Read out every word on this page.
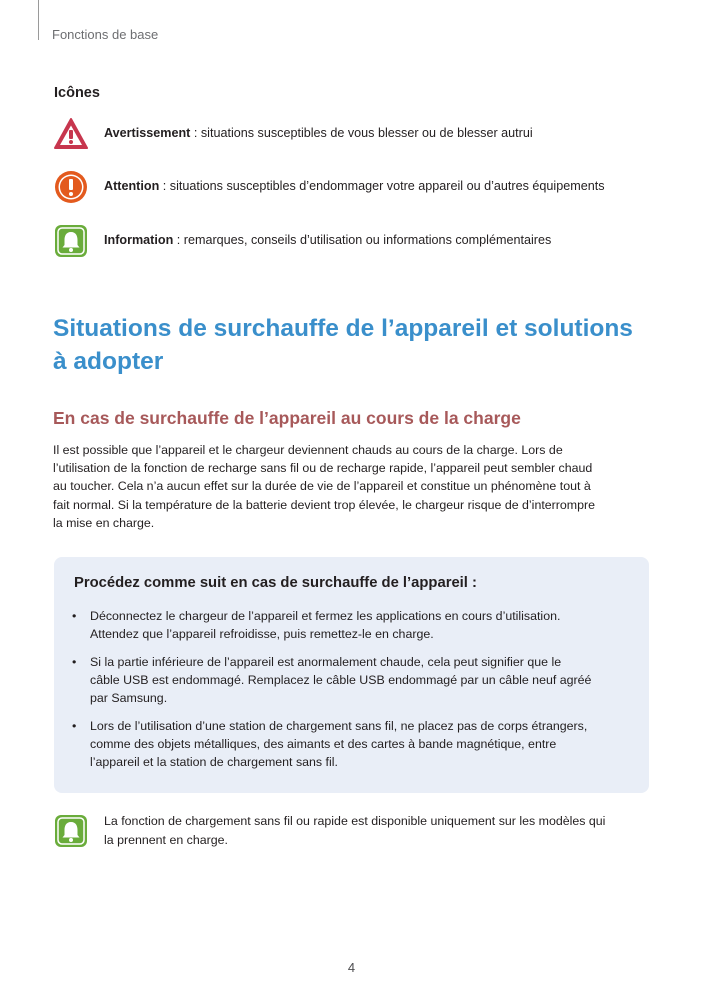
Fonctions de base
Icônes
Avertissement : situations susceptibles de vous blesser ou de blesser autrui
Attention : situations susceptibles d’endommager votre appareil ou d’autres équipements
Information : remarques, conseils d’utilisation ou informations complémentaires
Situations de surchauffe de l’appareil et solutions
à adopter
En cas de surchauffe de l’appareil au cours de la charge
Il est possible que l’appareil et le chargeur deviennent chauds au cours de la charge. Lors de
l’utilisation de la fonction de recharge sans fil ou de recharge rapide, l’appareil peut sembler chaud
au toucher. Cela n’a aucun effet sur la durée de vie de l’appareil et constitue un phénomène tout à
fait normal. Si la température de la batterie devient trop élevée, le chargeur risque de d’interrompre
la mise en charge.
Procédez comme suit en cas de surchauffe de l’appareil :
•	Déconnectez le chargeur de l’appareil et fermez les applications en cours d’utilisation.
Attendez que l’appareil refroidisse, puis remettez-le en charge.
•	Si la partie inférieure de l’appareil est anormalement chaude, cela peut signifier que le
câble USB est endommagé. Remplacez le câble USB endommagé par un câble neuf agréé
par Samsung.
•	Lors de l’utilisation d’une station de chargement sans fil, ne placez pas de corps étrangers,
comme des objets métalliques, des aimants et des cartes à bande magnétique, entre
l’appareil et la station de chargement sans fil.
La fonction de chargement sans fil ou rapide est disponible uniquement sur les modèles qui
la prennent en charge.
4
